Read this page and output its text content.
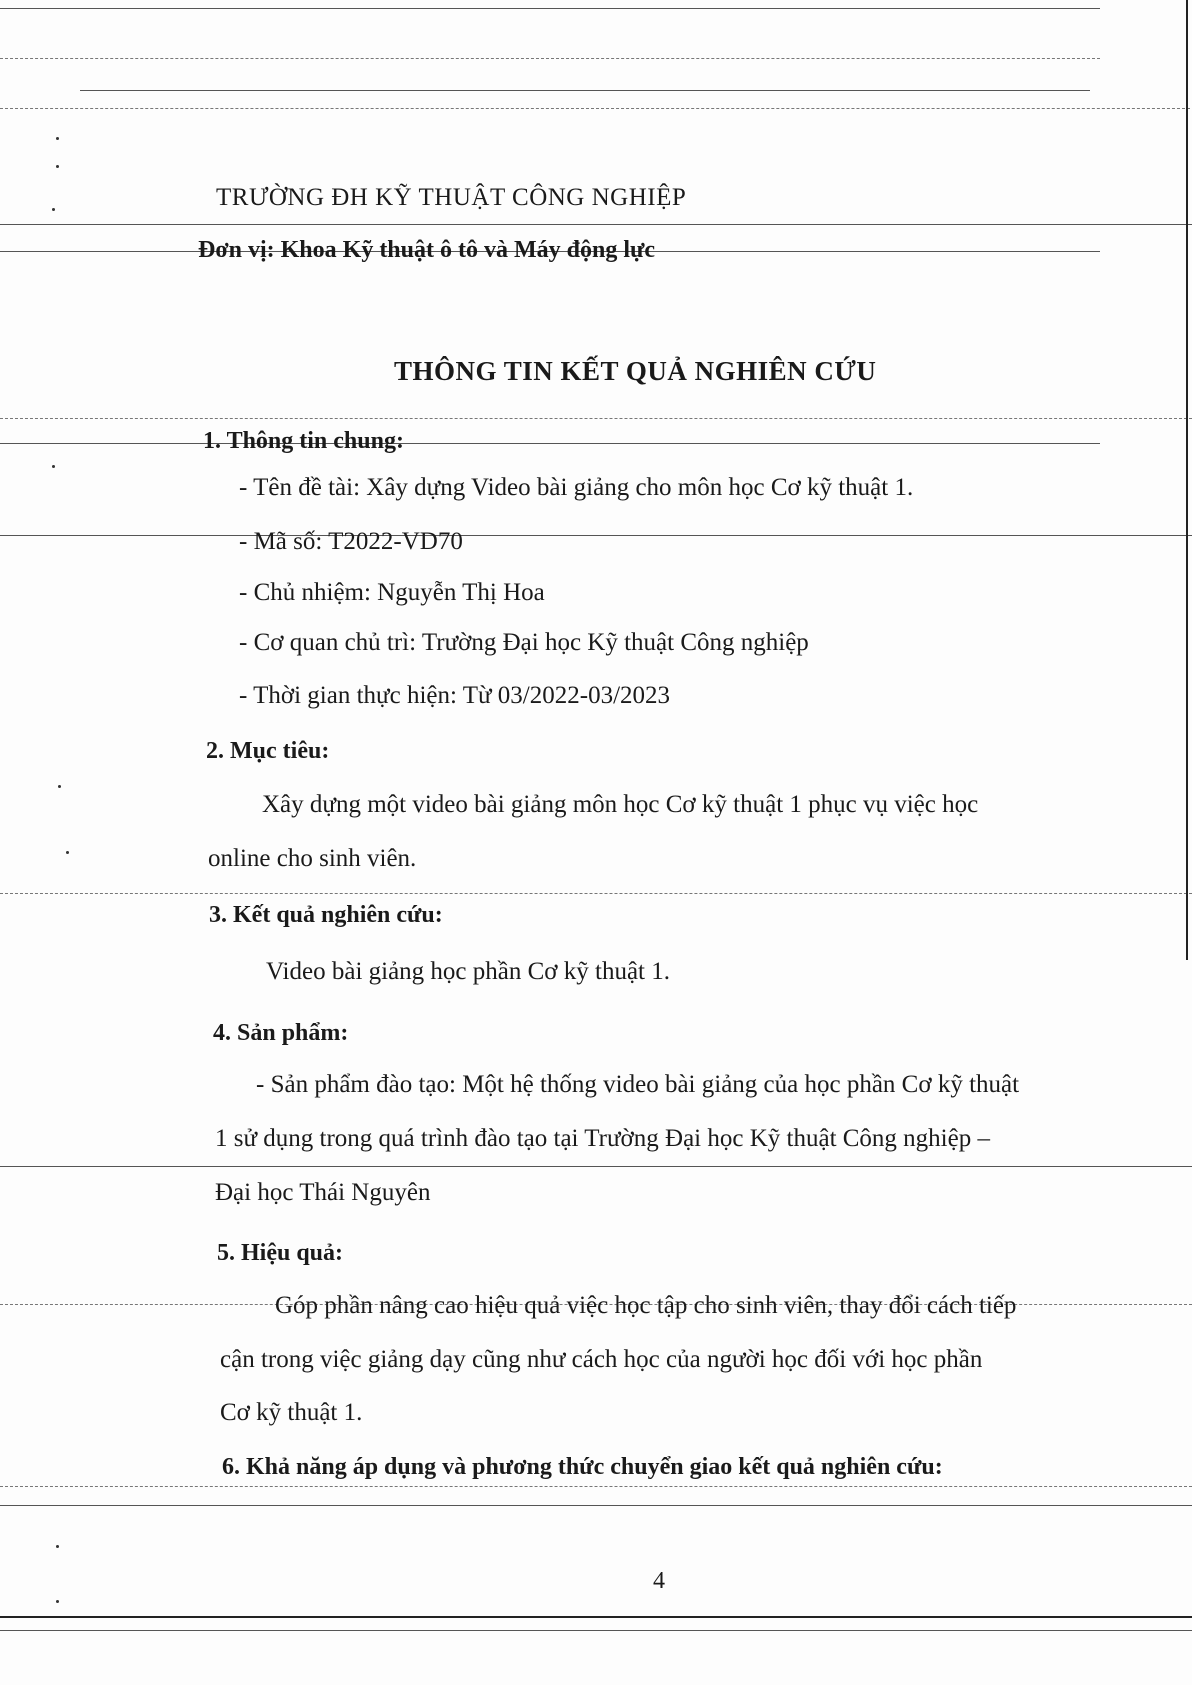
TRƯỜNG ĐH KỸ THUẬT CÔNG NGHIỆP
Đơn vị: Khoa Kỹ thuật ô tô và Máy động lực
THÔNG TIN KẾT QUẢ NGHIÊN CỨU
1. Thông tin chung:
- Tên đề tài: Xây dựng Video bài giảng cho môn học Cơ kỹ thuật 1.
- Mã số: T2022-VD70
- Chủ nhiệm: Nguyễn Thị Hoa
- Cơ quan chủ trì: Trường Đại học Kỹ thuật Công nghiệp
- Thời gian thực hiện: Từ 03/2022-03/2023
2. Mục tiêu:
Xây dựng một video bài giảng môn học Cơ kỹ thuật 1 phục vụ việc học
online cho sinh viên.
3. Kết quả nghiên cứu:
Video bài giảng học phần Cơ kỹ thuật 1.
4. Sản phẩm:
- Sản phẩm đào tạo: Một hệ thống video bài giảng của học phần Cơ kỹ thuật
1 sử dụng trong quá trình đào tạo tại Trường Đại học Kỹ thuật Công nghiệp –
Đại học Thái Nguyên
5. Hiệu quả:
Góp phần nâng cao hiệu quả việc học tập cho sinh viên, thay đổi cách tiếp
cận trong việc giảng dạy cũng như cách học của người học đối với học phần
Cơ kỹ thuật 1.
6. Khả năng áp dụng và phương thức chuyển giao kết quả nghiên cứu:
4
